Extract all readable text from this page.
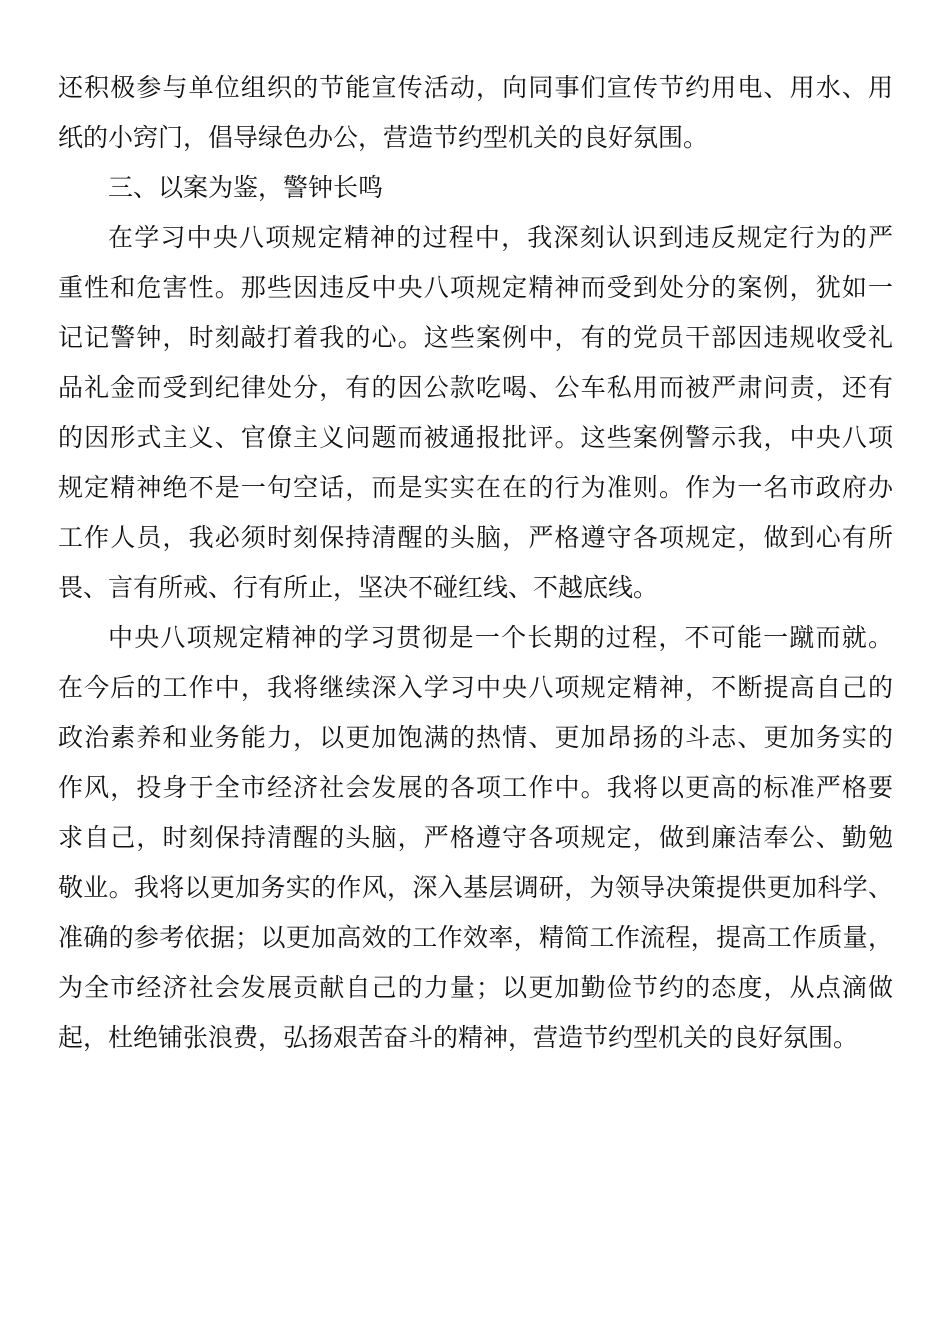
还积极参与单位组织的节能宣传活动，向同事们宣传节约用电、用水、用

纸的小窍门，倡导绿色办公，营造节约型机关的良好氛围。

三、以案为鉴，警钟长鸣

在学习中央八项规定精神的过程中，我深刻认识到违反规定行为的严

重性和危害性。那些因违反中央八项规定精神而受到处分的案例，犹如一

记记警钟，时刻敲打着我的心。这些案例中，有的党员干部因违规收受礼

品礼金而受到纪律处分，有的因公款吃喝、公车私用而被严肃问责，还有

的因形式主义、官僚主义问题而被通报批评。这些案例警示我，中央八项

规定精神绝不是一句空话，而是实实在在的行为准则。作为一名市政府办

工作人员，我必须时刻保持清醒的头脑，严格遵守各项规定，做到心有所

畏、言有所戒、行有所止，坚决不碰红线、不越底线。

中央八项规定精神的学习贯彻是一个长期的过程，不可能一蹴而就。

在今后的工作中，我将继续深入学习中央八项规定精神，不断提高自己的

政治素养和业务能力，以更加饱满的热情、更加昂扬的斗志、更加务实的

作风，投身于全市经济社会发展的各项工作中。我将以更高的标准严格要

求自己，时刻保持清醒的头脑，严格遵守各项规定，做到廉洁奉公、勤勉

敬业。我将以更加务实的作风，深入基层调研，为领导决策提供更加科学、

准确的参考依据；以更加高效的工作效率，精简工作流程，提高工作质量，

为全市经济社会发展贡献自己的力量；以更加勤俭节约的态度，从点滴做

起，杜绝铺张浪费，弘扬艰苦奋斗的精神，营造节约型机关的良好氛围。
